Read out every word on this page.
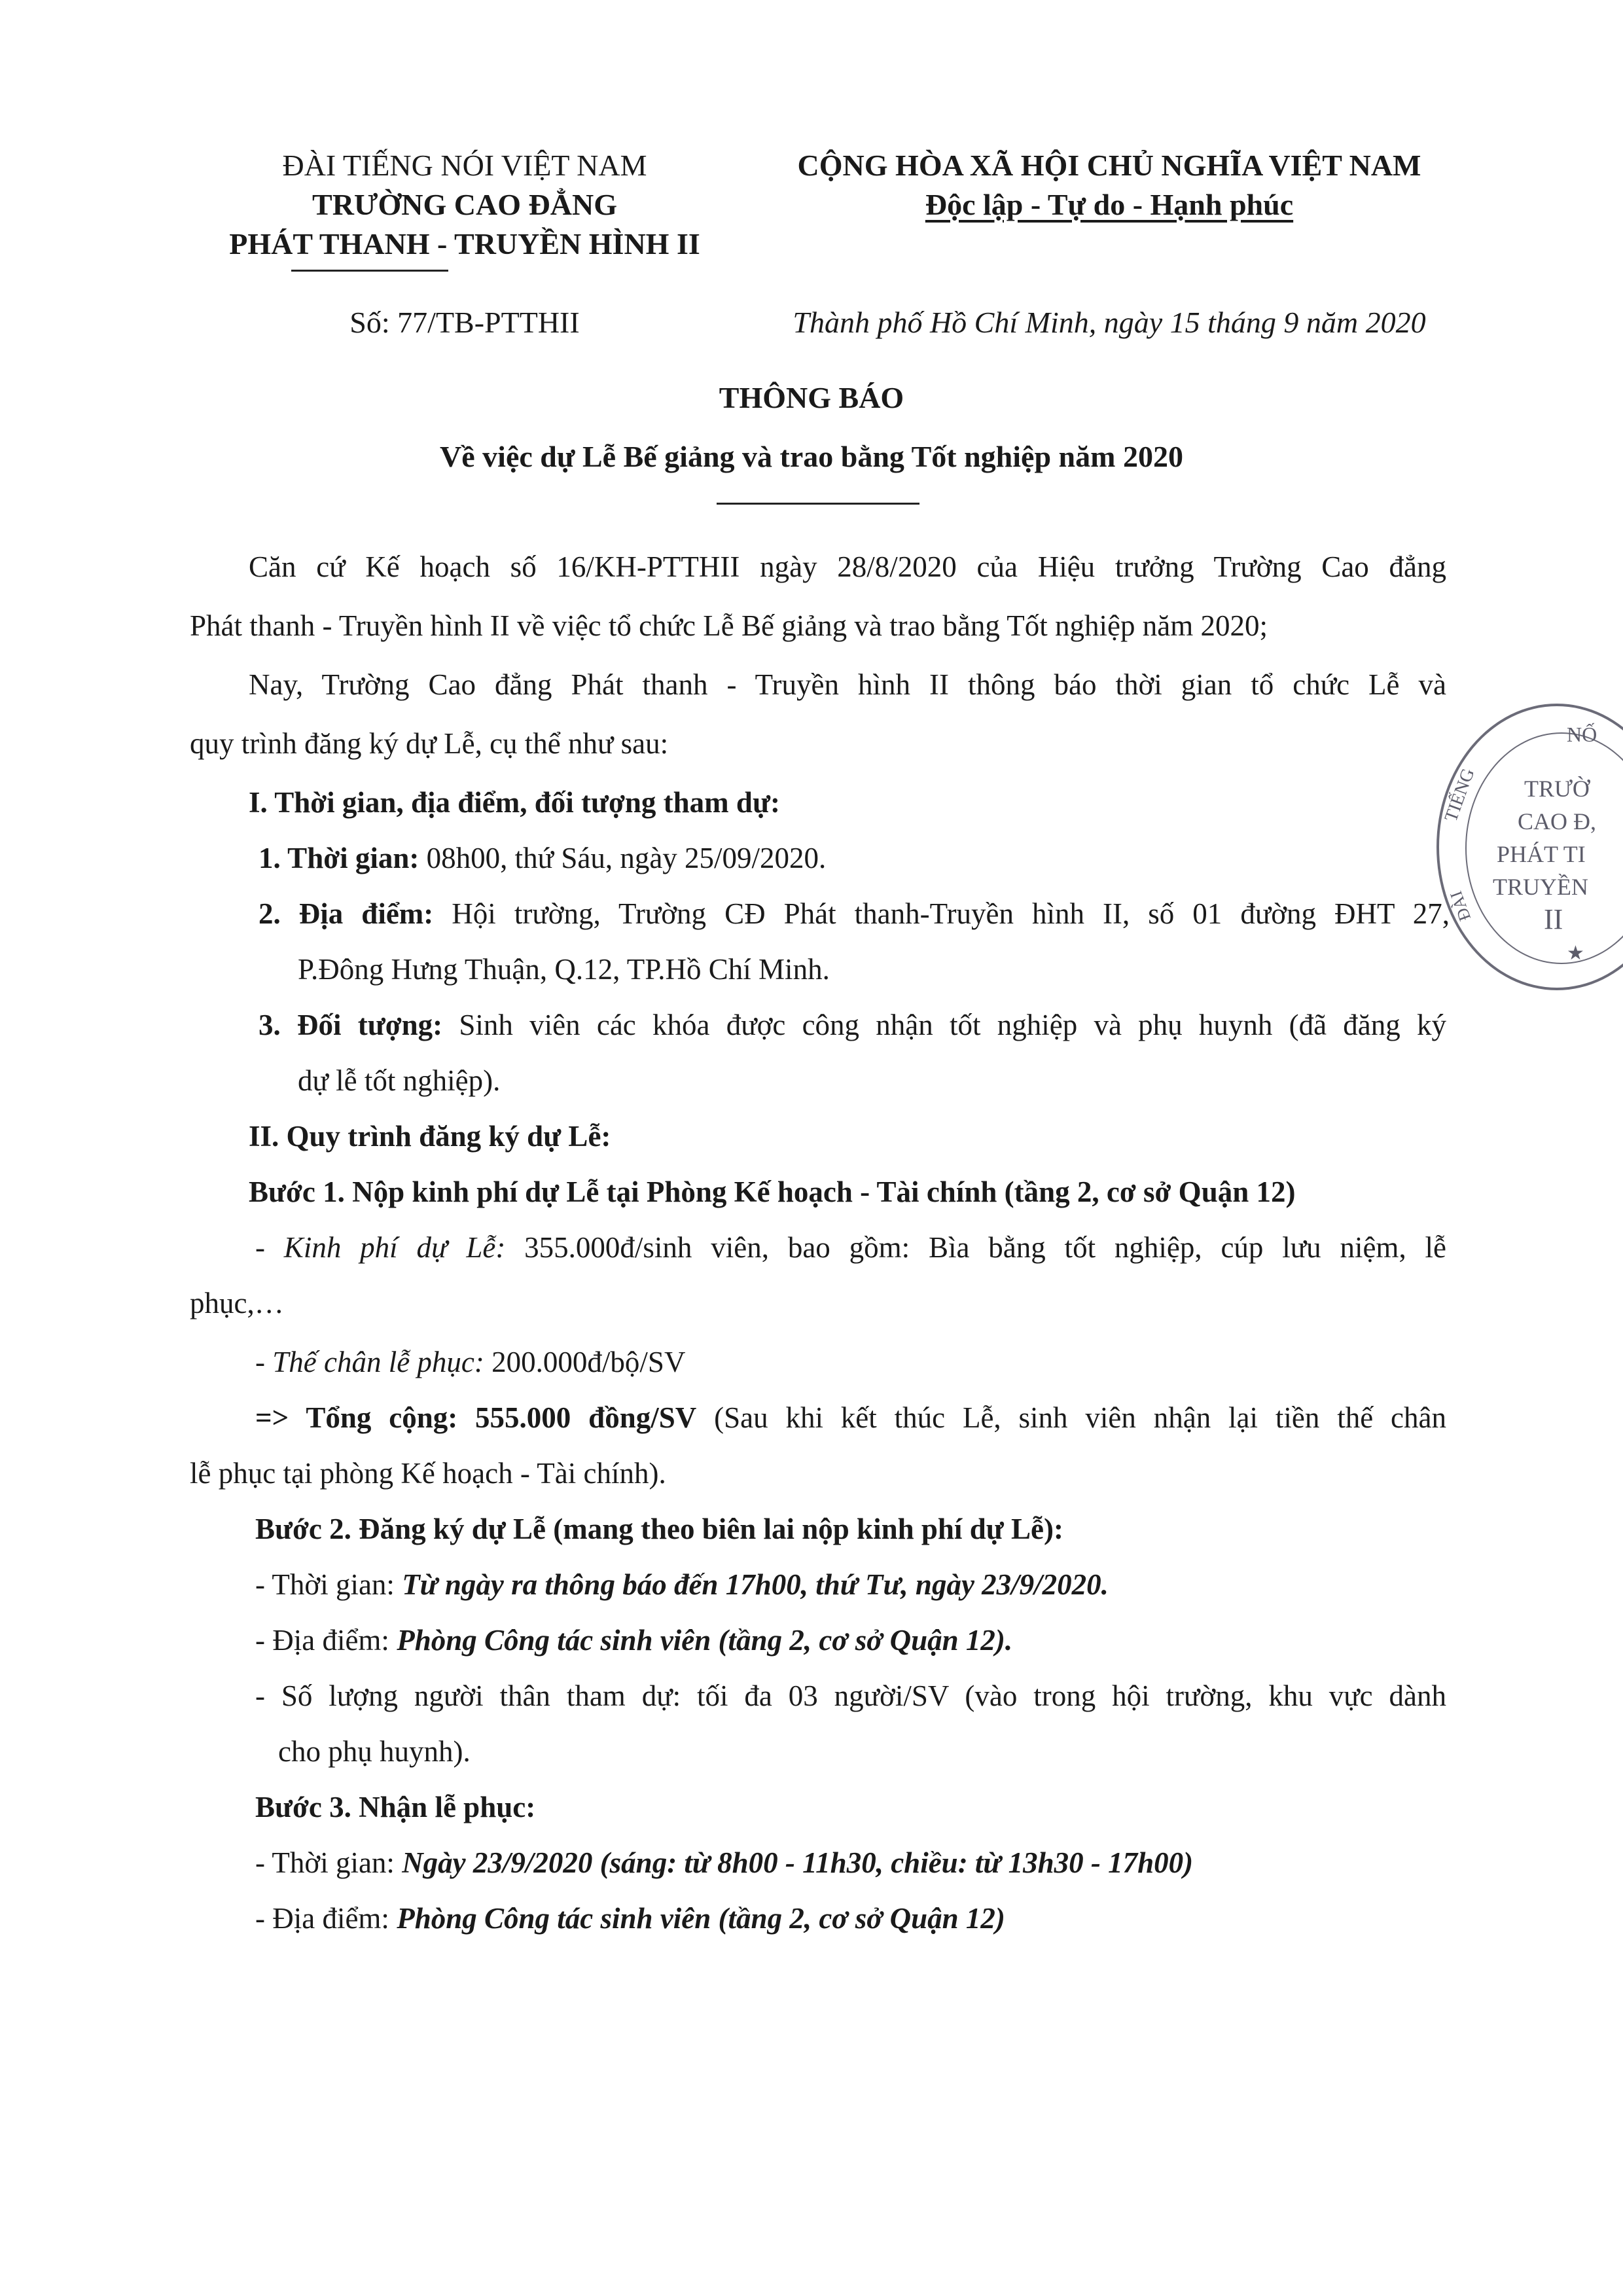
ĐÀI TIẾNG NÓI VIỆT NAM
TRƯỜNG CAO ĐẲNG
PHÁT THANH - TRUYỀN HÌNH II
Số: 77/TB-PTTHII
CỘNG HÒA XÃ HỘI CHỦ NGHĨA VIỆT NAM
Độc lập - Tự do - Hạnh phúc
Thành phố Hồ Chí Minh, ngày 15 tháng 9 năm 2020
THÔNG BÁO
Về việc dự Lễ Bế giảng và trao bằng Tốt nghiệp năm 2020
Căn cứ Kế hoạch số 16/KH-PTTHII ngày 28/8/2020 của Hiệu trưởng Trường Cao đẳng
Phát thanh - Truyền hình II về việc tổ chức Lễ Bế giảng và trao bằng Tốt nghiệp năm 2020;
Nay, Trường Cao đẳng Phát thanh - Truyền hình II thông báo thời gian tổ chức Lễ và
quy trình đăng ký dự Lễ, cụ thể như sau:
I. Thời gian, địa điểm, đối tượng tham dự:
1. Thời gian: 08h00, thứ Sáu, ngày 25/09/2020.
2. Địa điểm: Hội trường, Trường CĐ Phát thanh-Truyền hình II, số 01 đường ĐHT 27,
P.Đông Hưng Thuận, Q.12, TP.Hồ Chí Minh.
3. Đối tượng: Sinh viên các khóa được công nhận tốt nghiệp và phụ huynh (đã đăng ký
dự lễ tốt nghiệp).
II. Quy trình đăng ký dự Lễ:
Bước 1. Nộp kinh phí dự Lễ tại Phòng Kế hoạch - Tài chính (tầng 2, cơ sở Quận 12)
- Kinh phí dự Lễ: 355.000đ/sinh viên, bao gồm: Bìa bằng tốt nghiệp, cúp lưu niệm, lễ
phục,…
- Thế chân lễ phục: 200.000đ/bộ/SV
=> Tổng cộng: 555.000 đồng/SV (Sau khi kết thúc Lễ, sinh viên nhận lại tiền thế chân
lễ phục tại phòng Kế hoạch - Tài chính).
Bước 2. Đăng ký dự Lễ (mang theo biên lai nộp kinh phí dự Lễ):
- Thời gian: Từ ngày ra thông báo đến 17h00, thứ Tư, ngày 23/9/2020.
- Địa điểm: Phòng Công tác sinh viên (tầng 2, cơ sở Quận 12).
- Số lượng người thân tham dự: tối đa 03 người/SV (vào trong hội trường, khu vực dành
cho phụ huynh).
Bước 3. Nhận lễ phục:
- Thời gian: Ngày 23/9/2020 (sáng: từ 8h00 - 11h30, chiều: từ 13h30 - 17h00)
- Địa điểm: Phòng Công tác sinh viên (tầng 2, cơ sở Quận 12)
NỐ
TRƯỜ
CAO Đ,
PHÁT TI
TRUYỀN
II
TIẾNG
ĐÀI
★
